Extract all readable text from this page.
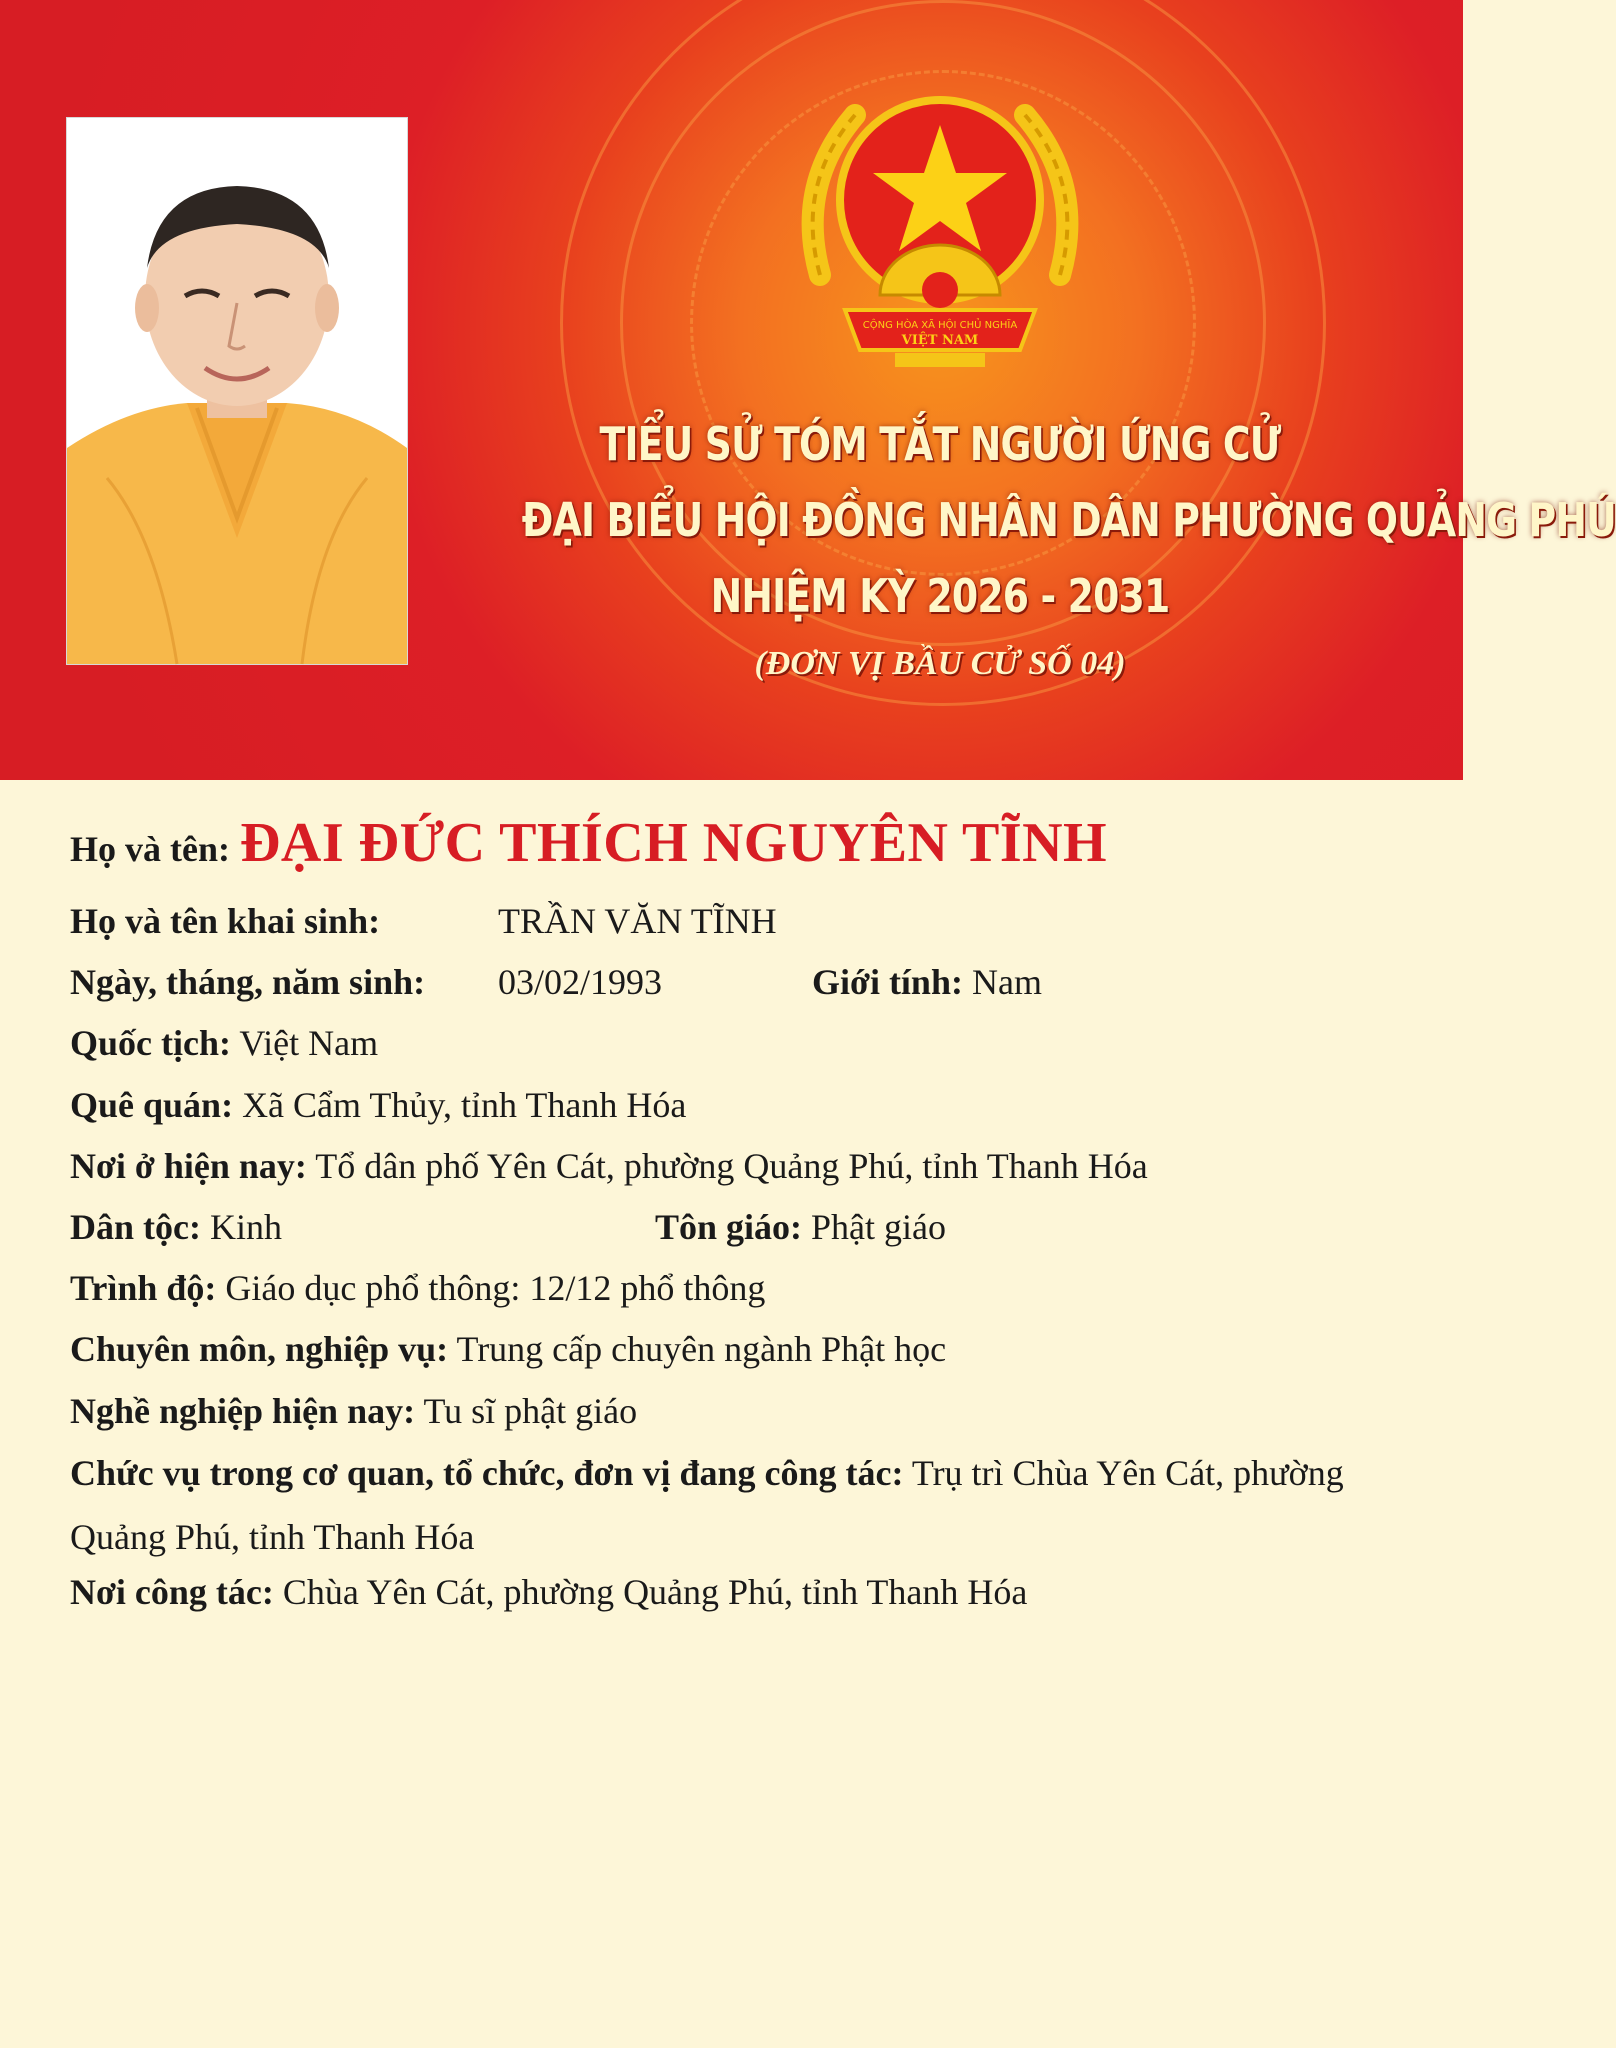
CỘNG HÒA XÃ HỘI CHỦ NGHĨA
VIỆT NAM
TIỂU SỬ TÓM TẮT NGƯỜI ỨNG CỬ
ĐẠI BIỂU HỘI ĐỒNG NHÂN DÂN PHƯỜNG QUẢNG PHÚ
NHIỆM KỲ 2026 - 2031
(ĐƠN VỊ BẦU CỬ SỐ 04)
Họ và tên: ĐẠI ĐỨC THÍCH NGUYÊN TĨNH
Họ và tên khai sinh:	TRẦN VĂN TĨNH
Ngày, tháng, năm sinh: 03/02/1993	Giới tính: Nam
Quốc tịch: Việt Nam
Quê quán: Xã Cẩm Thủy, tỉnh Thanh Hóa
Nơi ở hiện nay: Tổ dân phố Yên Cát, phường Quảng Phú, tỉnh Thanh Hóa
Dân tộc: Kinh	Tôn giáo: Phật giáo
Trình độ: Giáo dục phổ thông: 12/12 phổ thông
Chuyên môn, nghiệp vụ: Trung cấp chuyên ngành Phật học
Nghề nghiệp hiện nay: Tu sĩ phật giáo
Chức vụ trong cơ quan, tổ chức, đơn vị đang công tác: Trụ trì Chùa Yên Cát, phường Quảng Phú, tỉnh Thanh Hóa
Nơi công tác: Chùa Yên Cát, phường Quảng Phú, tỉnh Thanh Hóa
